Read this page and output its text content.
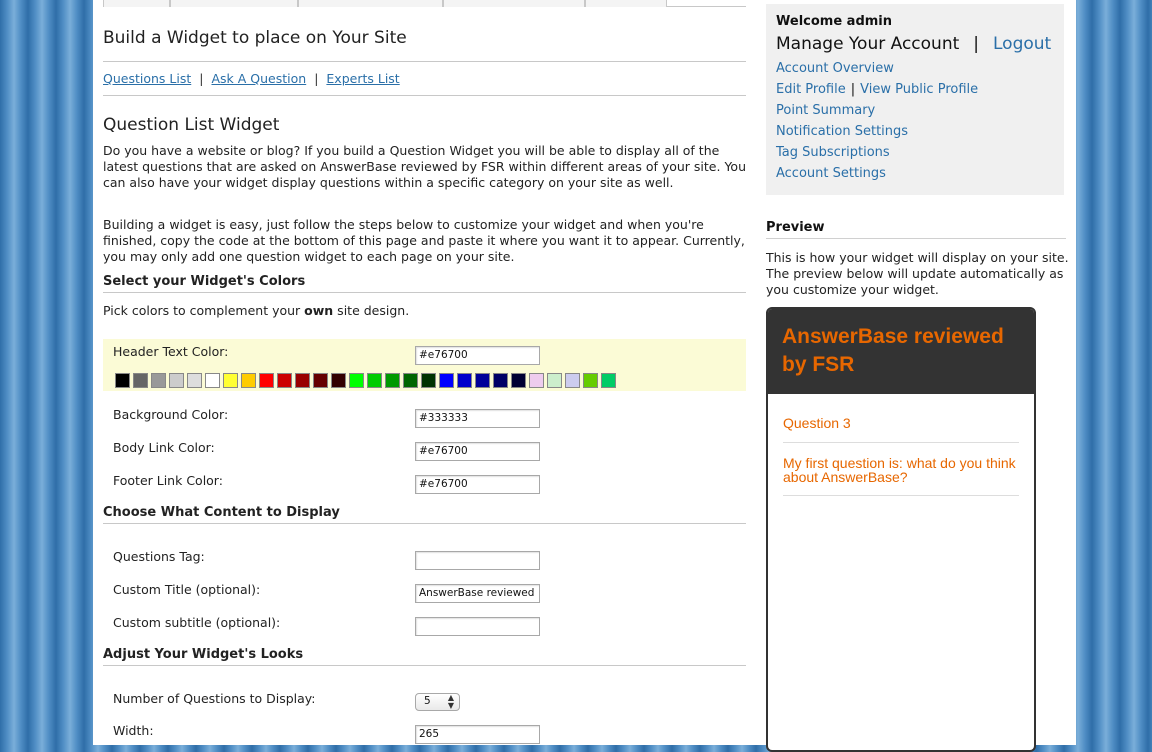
Build a Widget to place on Your Site
Questions List | Ask A Question | Experts List
Question List Widget
Do you have a website or blog? If you build a Question Widget you will be able to display all of the latest questions that are asked on AnswerBase reviewed by FSR within different areas of your site. You can also have your widget display questions within a specific category on your site as well.
Building a widget is easy, just follow the steps below to customize your widget and when you're finished, copy the code at the bottom of this page and paste it where you want it to appear. Currently, you may only add one question widget to each page on your site.
Select your Widget's Colors
Pick colors to complement your own site design.
Header Text Color:	#e76700
Background Color:	#333333
Body Link Color:	#e76700
Footer Link Color:	#e76700
Choose What Content to Display
Questions Tag:
Custom Title (optional):	AnswerBase reviewed
Custom subtitle (optional):
Adjust Your Widget's Looks
Number of Questions to Display:	5 ▲
▼
Width:	265
Welcome admin
Manage Your Account | Logout
Account Overview
Edit Profile | View Public Profile
Point Summary
Notification Settings
Tag Subscriptions
Account Settings
Preview
This is how your widget will display on your site. The preview below will update automatically as you customize your widget.
AnswerBase reviewed
by FSR
Question 3
My first question is: what do you think about AnswerBase?
